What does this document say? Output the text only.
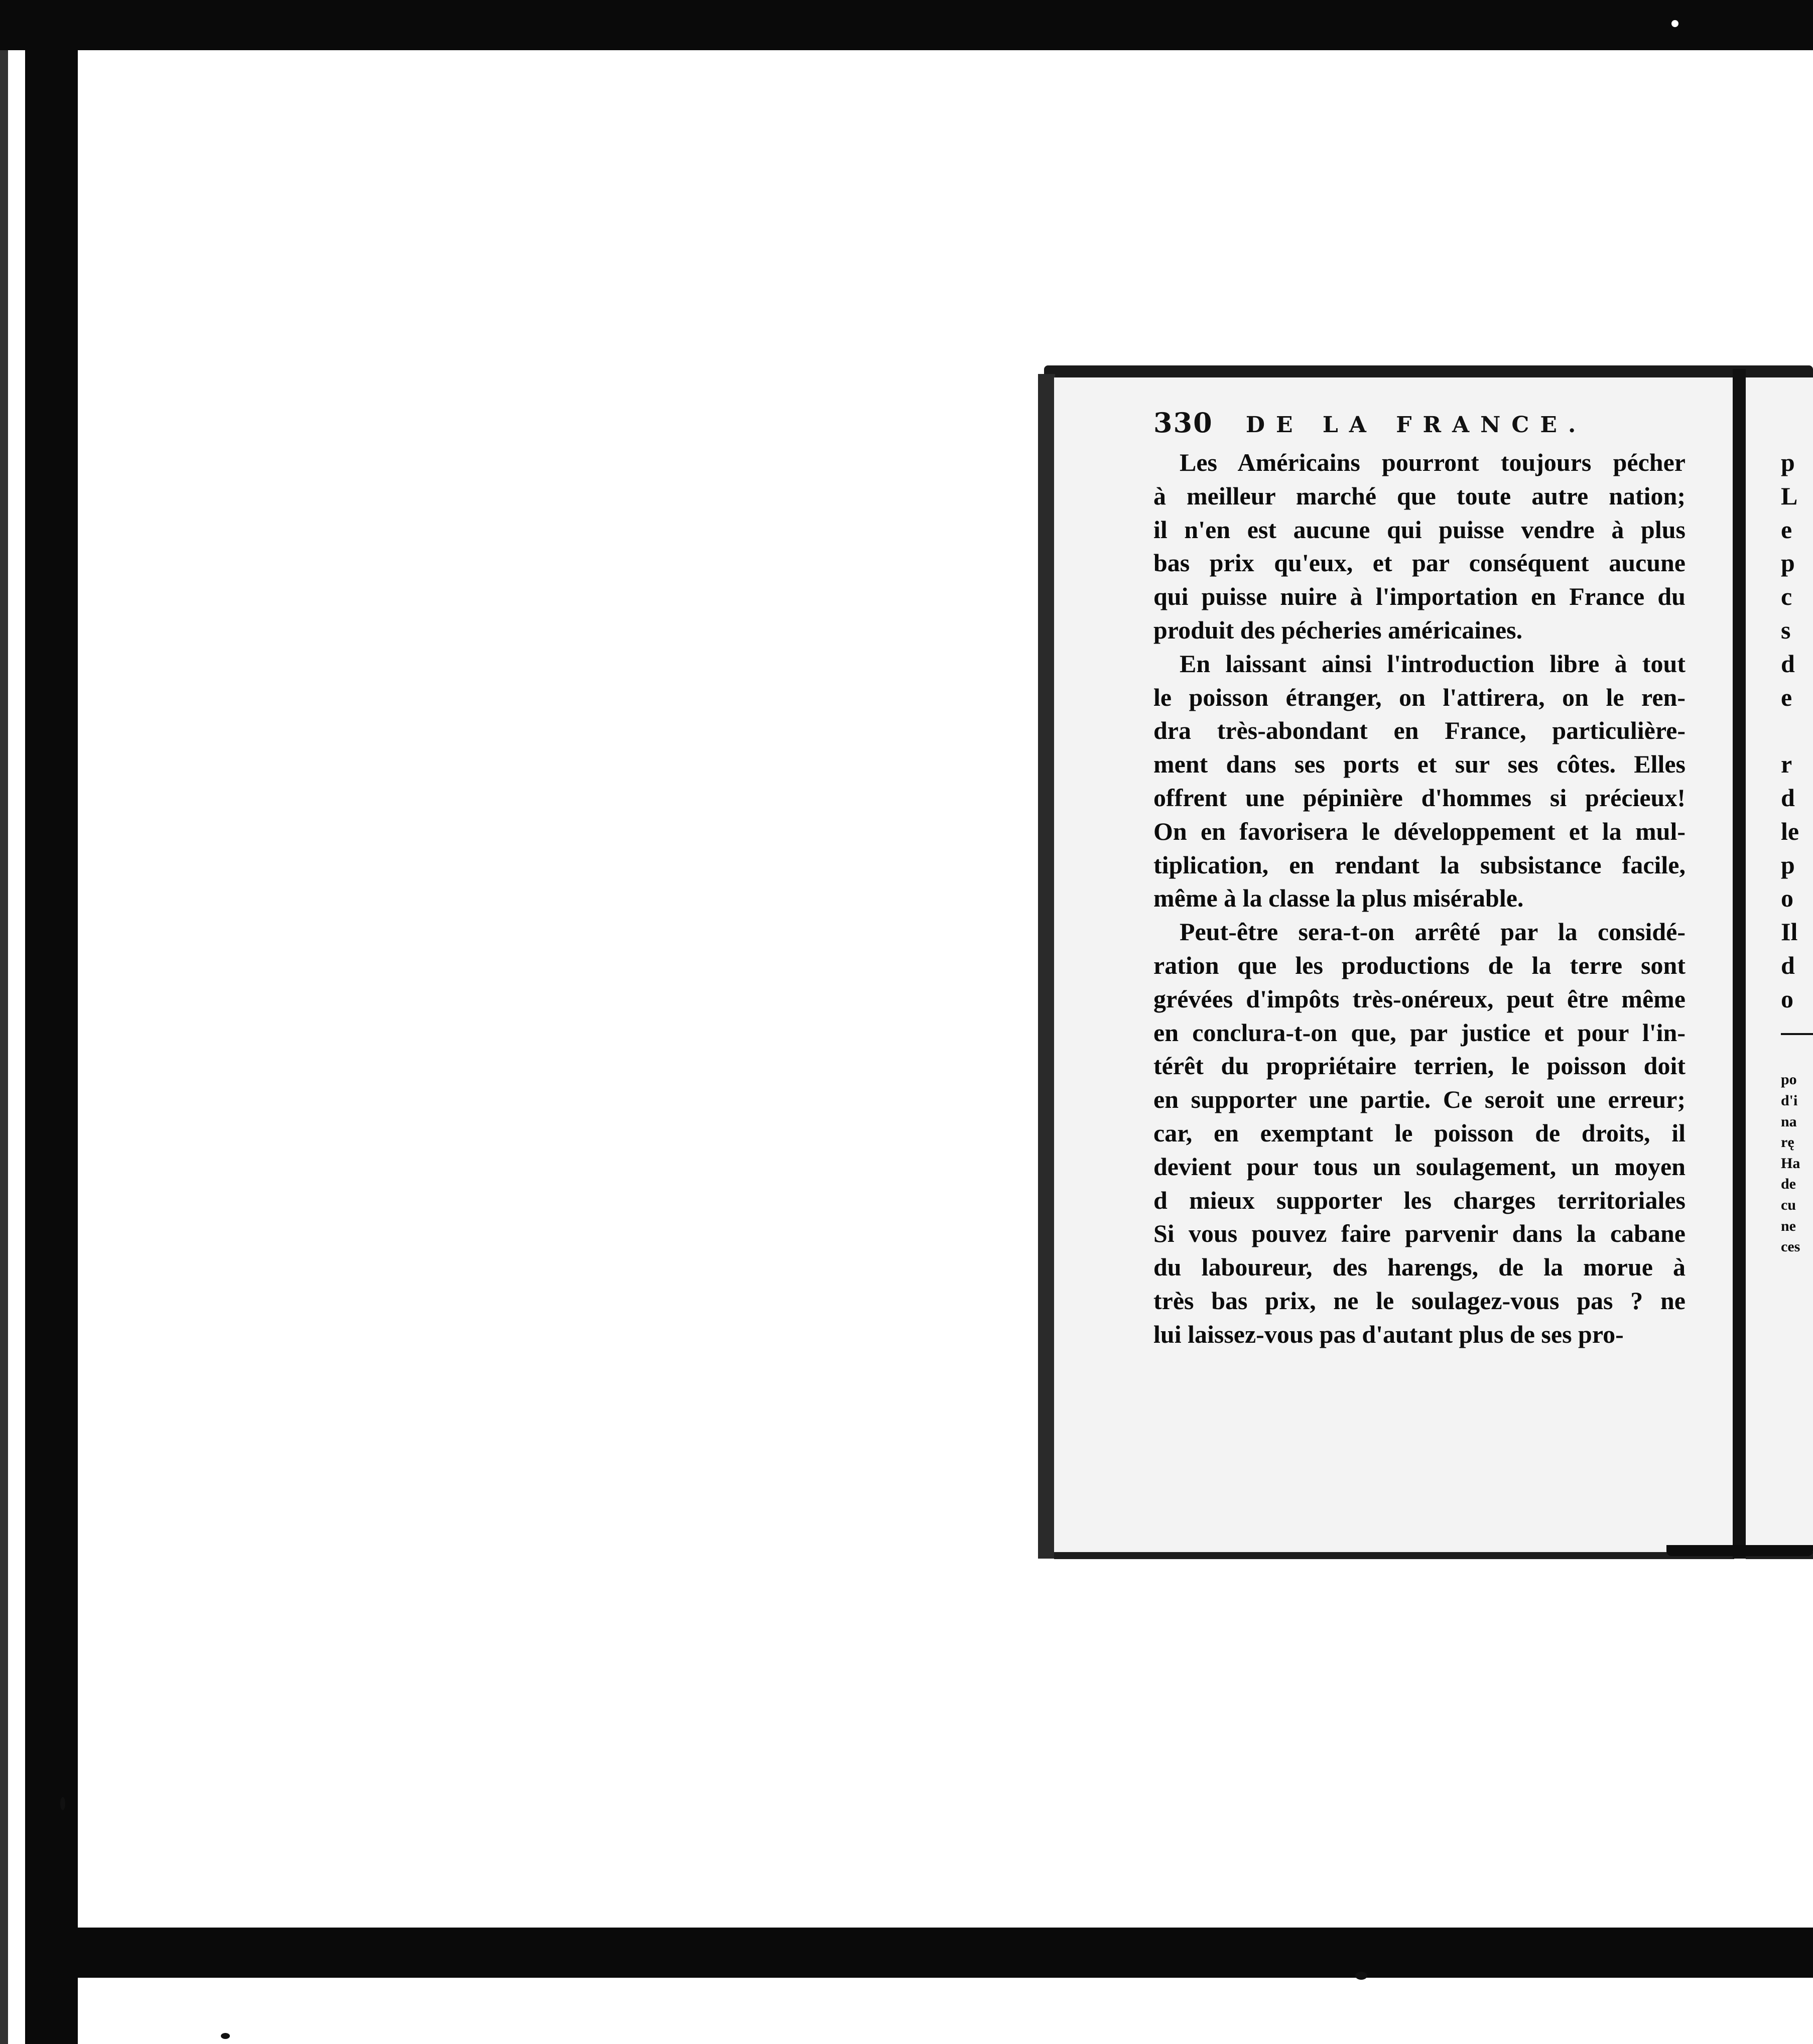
330 DE LA FRANCE.
Les Américains pourront toujours pécher
à meilleur marché que toute autre nation;
il n'en est aucune qui puisse vendre à plus
bas prix qu'eux, et par conséquent aucune
qui puisse nuire à l'importation en France du
produit des pécheries américaines.
En laissant ainsi l'introduction libre à tout
le poisson étranger, on l'attirera, on le ren-
dra très-abondant en France, particulière-
ment dans ses ports et sur ses côtes. Elles
offrent une pépinière d'hommes si précieux!
On en favorisera le développement et la mul-
tiplication, en rendant la subsistance facile,
même à la classe la plus misérable.
Peut-être sera-t-on arrêté par la considé-
ration que les productions de la terre sont
grévées d'impôts très-onéreux, peut être même
en conclura-t-on que, par justice et pour l'in-
térêt du propriétaire terrien, le poisson doit
en supporter une partie. Ce seroit une erreur;
car, en exemptant le poisson de droits, il
devient pour tous un soulagement, un moyen
d mieux supporter les charges territoriales
Si vous pouvez faire parvenir dans la cabane
du laboureur, des harengs, de la morue à
très bas prix, ne le soulagez-vous pas ? ne
lui laissez-vous pas d'autant plus de ses pro-
p
L
e
p
c
s
d
e
r
d
le
p
o
Il
d
o
po
d'i
na
rę
Ha
de
cu
ne
ces
